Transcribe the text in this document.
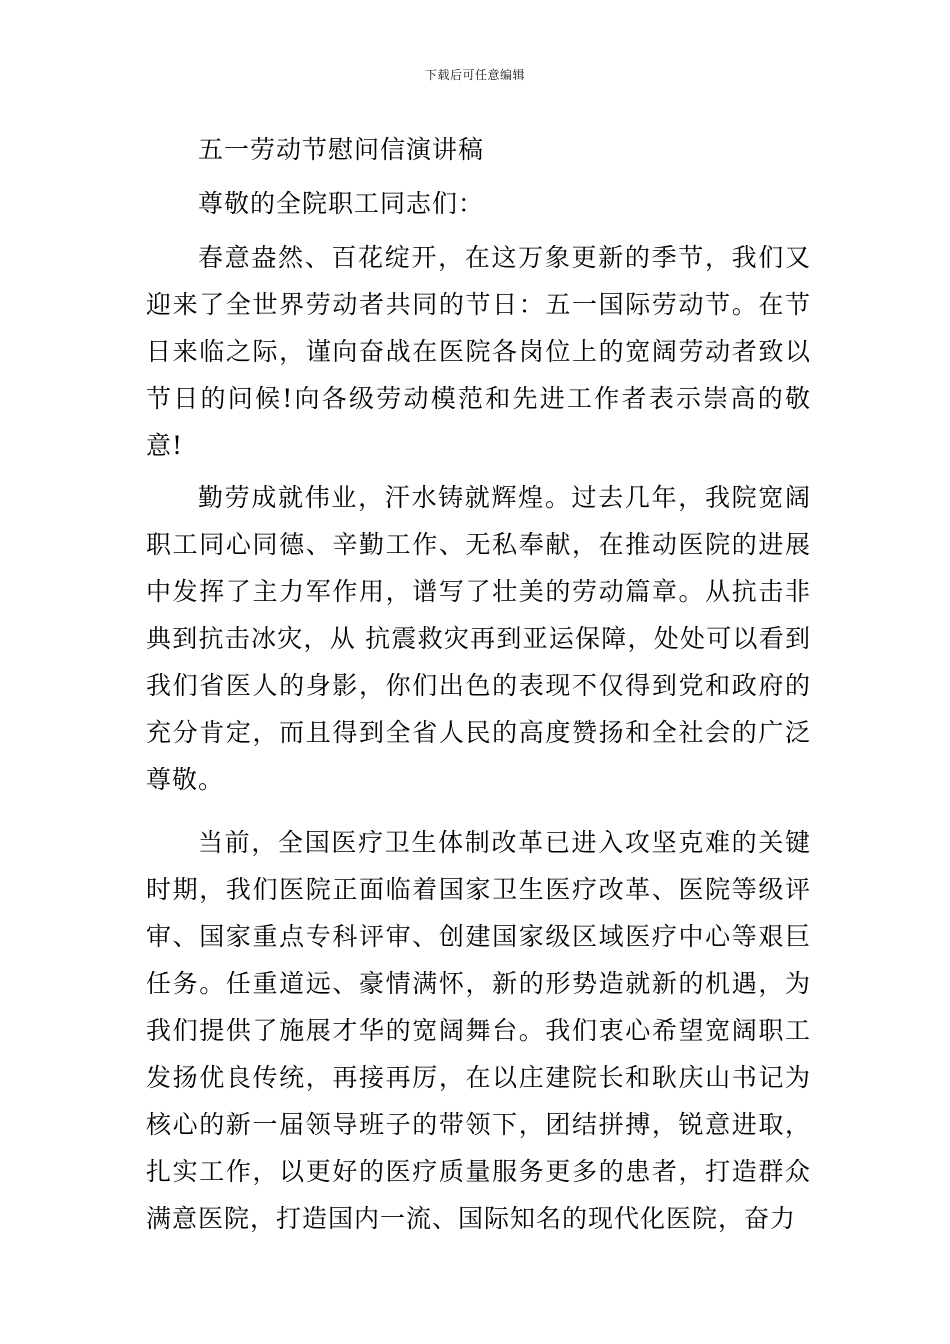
下载后可任意编辑
五一劳动节慰问信演讲稿
尊敬的全院职工同志们：

春意盎然、百花绽开，在这万象更新的季节，我们又迎来了全世界劳动者共同的节日：五一国际劳动节。在节日来临之际，谨向奋战在医院各岗位上的宽阔劳动者致以节日的问候!向各级劳动模范和先进工作者表示崇高的敬意!

勤劳成就伟业，汗水铸就辉煌。过去几年，我院宽阔职工同心同德、辛勤工作、无私奉献，在推动医院的进展中发挥了主力军作用，谱写了壮美的劳动篇章。从抗击非典到抗击冰灾，从 抗震救灾再到亚运保障，处处可以看到我们省医人的身影，你们出色的表现不仅得到党和政府的充分肯定，而且得到全省人民的高度赞扬和全社会的广泛尊敬。

当前，全国医疗卫生体制改革已进入攻坚克难的关键时期，我们医院正面临着国家卫生医疗改革、医院等级评审、国家重点专科评审、创建国家级区域医疗中心等艰巨任务。任重道远、豪情满怀，新的形势造就新的机遇，为我们提供了施展才华的宽阔舞台。我们衷心希望宽阔职工发扬优良传统，再接再厉，在以庄建院长和耿庆山书记为核心的新一届领导班子的带领下，团结拼搏，锐意进取，扎实工作，以更好的医疗质量服务更多的患者，打造群众满意医院，打造国内一流、国际知名的现代化医院，奋力
